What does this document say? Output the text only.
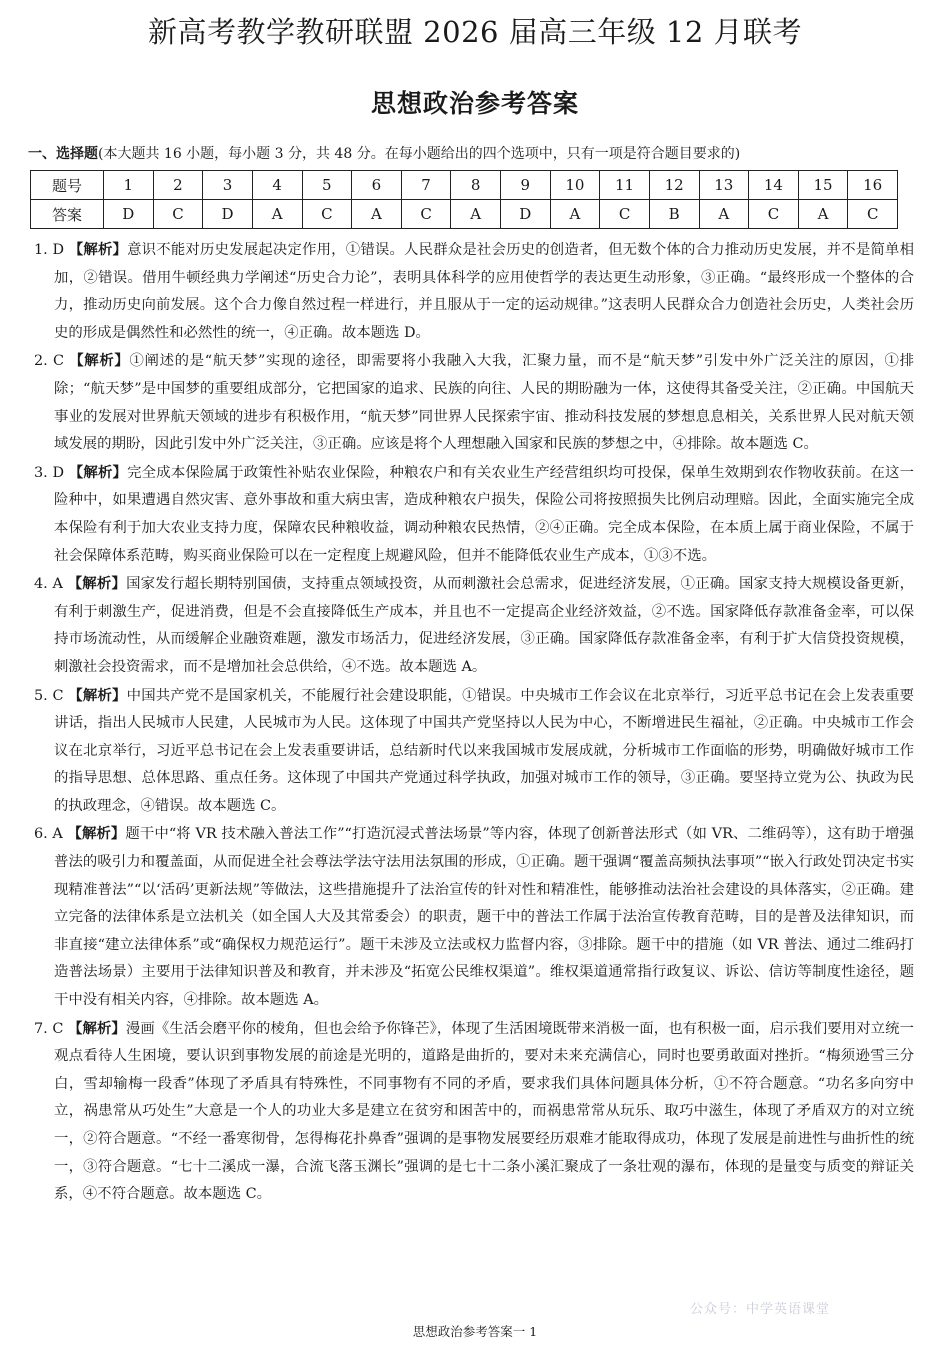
新高考教学教研联盟 2026 届高三年级 12 月联考
思想政治参考答案
一、选择题(本大题共 16 小题，每小题 3 分，共 48 分。在每小题给出的四个选项中，只有一项是符合题目要求的)
题号	1	2	3	4	5	6	7	8	9	10	11	12	13	14	15	16
答案	D	C	D	A	C	A	C	A	D	A	C	B	A	C	A	C

1. D 【解析】意识不能对历史发展起决定作用，①错误。人民群众是社会历史的创造者，但无数个体的合力推动历史发展，并不是简单相加，②错误。借用牛顿经典力学阐述“历史合力论”，表明具体科学的应用使哲学的表达更生动形象，③正确。“最终形成一个整体的合力，推动历史向前发展。这个合力像自然过程一样进行，并且服从于一定的运动规律。”这表明人民群众合力创造社会历史，人类社会历史的形成是偶然性和必然性的统一，④正确。故本题选 D。

2. C 【解析】①阐述的是“航天梦”实现的途径，即需要将小我融入大我，汇聚力量，而不是“航天梦”引发中外广泛关注的原因，①排除；“航天梦”是中国梦的重要组成部分，它把国家的追求、民族的向往、人民的期盼融为一体，这使得其备受关注，②正确。中国航天事业的发展对世界航天领域的进步有积极作用，“航天梦”同世界人民探索宇宙、推动科技发展的梦想息息相关，关系世界人民对航天领域发展的期盼，因此引发中外广泛关注，③正确。应该是将个人理想融入国家和民族的梦想之中，④排除。故本题选 C。

3. D 【解析】完全成本保险属于政策性补贴农业保险，种粮农户和有关农业生产经营组织均可投保，保单生效期到农作物收获前。在这一险种中，如果遭遇自然灾害、意外事故和重大病虫害，造成种粮农户损失，保险公司将按照损失比例启动理赔。因此，全面实施完全成本保险有利于加大农业支持力度，保障农民种粮收益，调动种粮农民热情，②④正确。完全成本保险，在本质上属于商业保险，不属于社会保障体系范畴，购买商业保险可以在一定程度上规避风险，但并不能降低农业生产成本，①③不选。

4. A 【解析】国家发行超长期特别国债，支持重点领域投资，从而刺激社会总需求，促进经济发展，①正确。国家支持大规模设备更新，有利于刺激生产，促进消费，但是不会直接降低生产成本，并且也不一定提高企业经济效益，②不选。国家降低存款准备金率，可以保持市场流动性，从而缓解企业融资难题，激发市场活力，促进经济发展，③正确。国家降低存款准备金率，有利于扩大信贷投资规模，刺激社会投资需求，而不是增加社会总供给，④不选。故本题选 A。

5. C 【解析】中国共产党不是国家机关，不能履行社会建设职能，①错误。中央城市工作会议在北京举行，习近平总书记在会上发表重要讲话，指出人民城市人民建，人民城市为人民。这体现了中国共产党坚持以人民为中心，不断增进民生福祉，②正确。中央城市工作会议在北京举行，习近平总书记在会上发表重要讲话，总结新时代以来我国城市发展成就，分析城市工作面临的形势，明确做好城市工作的指导思想、总体思路、重点任务。这体现了中国共产党通过科学执政，加强对城市工作的领导，③正确。要坚持立党为公、执政为民的执政理念，④错误。故本题选 C。

6. A 【解析】题干中“将 VR 技术融入普法工作”“打造沉浸式普法场景”等内容，体现了创新普法形式（如 VR、二维码等），这有助于增强普法的吸引力和覆盖面，从而促进全社会尊法学法守法用法氛围的形成，①正确。题干强调“覆盖高频执法事项”“嵌入行政处罚决定书实现精准普法”“以‘活码’更新法规”等做法，这些措施提升了法治宣传的针对性和精准性，能够推动法治社会建设的具体落实，②正确。建立完备的法律体系是立法机关（如全国人大及其常委会）的职责，题干中的普法工作属于法治宣传教育范畴，目的是普及法律知识，而非直接“建立法律体系”或“确保权力规范运行”。题干未涉及立法或权力监督内容，③排除。题干中的措施（如 VR 普法、通过二维码打造普法场景）主要用于法律知识普及和教育，并未涉及“拓宽公民维权渠道”。维权渠道通常指行政复议、诉讼、信访等制度性途径，题干中没有相关内容，④排除。故本题选 A。

7. C 【解析】漫画《生活会磨平你的棱角，但也会给予你锋芒》，体现了生活困境既带来消极一面，也有积极一面，启示我们要用对立统一观点看待人生困境，要认识到事物发展的前途是光明的，道路是曲折的，要对未来充满信心，同时也要勇敢面对挫折。“梅须逊雪三分白，雪却输梅一段香”体现了矛盾具有特殊性，不同事物有不同的矛盾，要求我们具体问题具体分析，①不符合题意。“功名多向穷中立，祸患常从巧处生”大意是一个人的功业大多是建立在贫穷和困苦中的，而祸患常常从玩乐、取巧中滋生，体现了矛盾双方的对立统一，②符合题意。“不经一番寒彻骨，怎得梅花扑鼻香”强调的是事物发展要经历艰难才能取得成功，体现了发展是前进性与曲折性的统一，③符合题意。“七十二溪成一瀑，合流飞落玉渊长”强调的是七十二条小溪汇聚成了一条壮观的瀑布，体现的是量变与质变的辩证关系，④不符合题意。故本题选 C。

公众号：中学英语课堂
思想政治参考答案一 1
